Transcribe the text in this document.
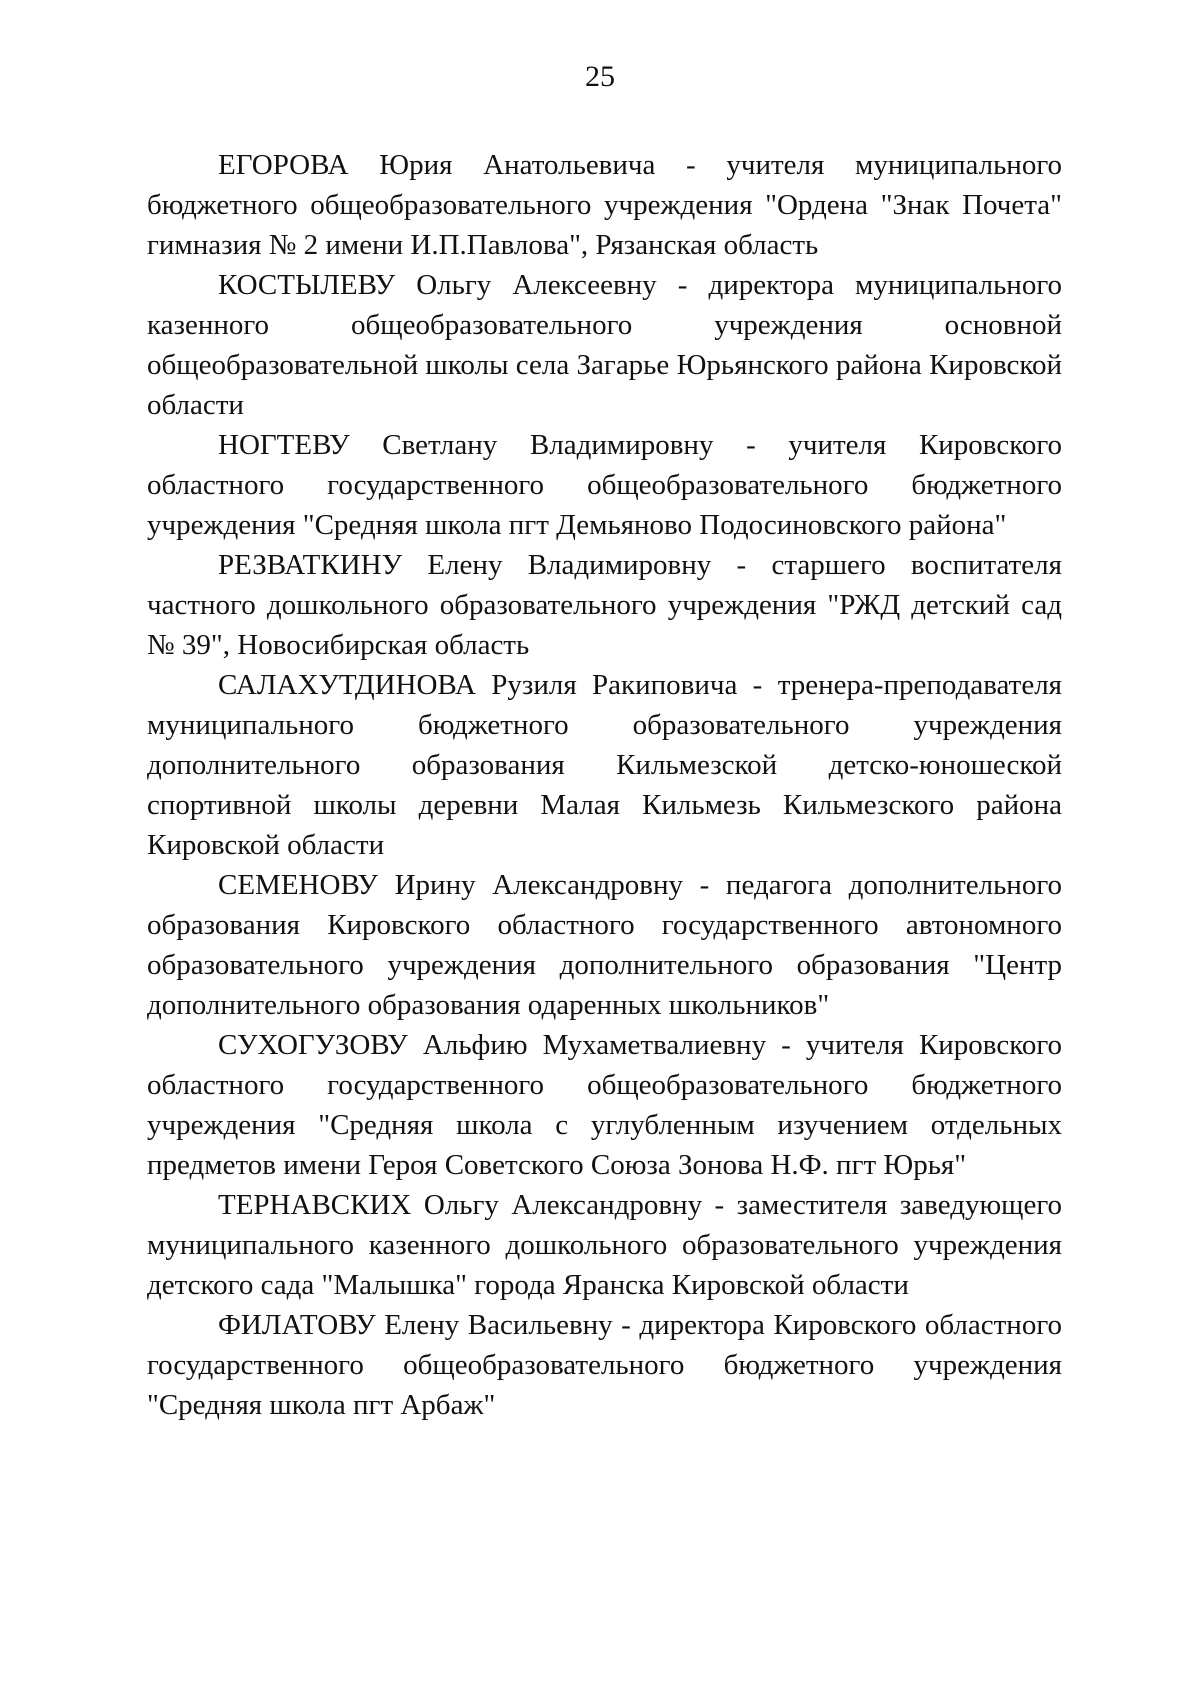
25

ЕГОРОВА Юрия Анатольевича - учителя муниципального бюджетного общеобразовательного учреждения "Ордена "Знак Почета" гимназия № 2 имени И.П.Павлова", Рязанская область

КОСТЫЛЕВУ Ольгу Алексеевну - директора муниципального казенного общеобразовательного учреждения основной общеобразовательной школы села Загарье Юрьянского района Кировской области

НОГТЕВУ Светлану Владимировну - учителя Кировского областного государственного общеобразовательного бюджетного учреждения "Средняя школа пгт Демьяново Подосиновского района"

РЕЗВАТКИНУ Елену Владимировну - старшего воспитателя частного дошкольного образовательного учреждения "РЖД детский сад № 39", Новосибирская область

САЛАХУТДИНОВА Рузиля Ракиповича - тренера-преподавателя муниципального бюджетного образовательного учреждения дополнительного образования Кильмезской детско-юношеской спортивной школы деревни Малая Кильмезь Кильмезского района Кировской области

СЕМЕНОВУ Ирину Александровну - педагога дополнительного образования Кировского областного государственного автономного образовательного учреждения дополнительного образования "Центр дополнительного образования одаренных школьников"

СУХОГУЗОВУ Альфию Мухаметвалиевну - учителя Кировского областного государственного общеобразовательного бюджетного учреждения "Средняя школа с углубленным изучением отдельных предметов имени Героя Советского Союза Зонова Н.Ф. пгт Юрья"

ТЕРНАВСКИХ Ольгу Александровну - заместителя заведующего муниципального казенного дошкольного образовательного учреждения детского сада "Малышка" города Яранска Кировской области

ФИЛАТОВУ Елену Васильевну - директора Кировского областного государственного общеобразовательного бюджетного учреждения "Средняя школа пгт Арбаж"
